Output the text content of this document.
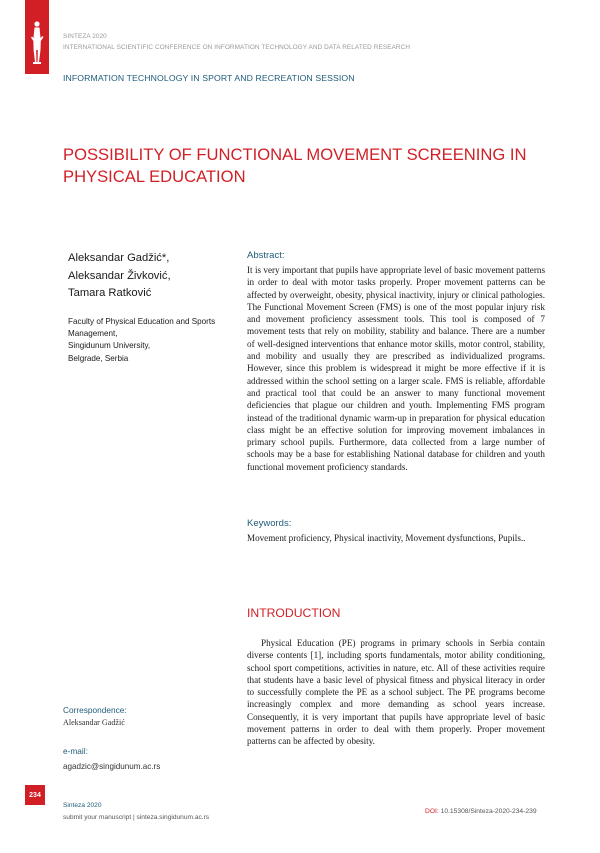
SINTEZA 2020
INTERNATIONAL SCIENTIFIC CONFERENCE ON INFORMATION TECHNOLOGY AND DATA RELATED RESEARCH
INFORMATION TECHNOLOGY IN SPORT AND RECREATION SESSION
POSSIBILITY OF FUNCTIONAL MOVEMENT SCREENING IN PHYSICAL EDUCATION
Aleksandar Gadžić*,
Aleksandar Živković,
Tamara Ratković
Faculty of Physical Education and Sports
Management,
Singidunum University,
Belgrade, Serbia
Abstract:
It is very important that pupils have appropriate level of basic movement patterns in order to deal with motor tasks properly. Proper movement patterns can be affected by overweight, obesity, physical inactivity, injury or clinical pathologies. The Functional Movement Screen (FMS) is one of the most popular injury risk and movement proficiency assessment tools. This tool is composed of 7 movement tests that rely on mobility, stability and balance. There are a number of well-designed interventions that enhance motor skills, motor control, stability, and mobility and usually they are prescribed as individualized programs. However, since this problem is widespread it might be more effective if it is addressed within the school setting on a larger scale. FMS is reliable, affordable and practical tool that could be an answer to many functional movement deficiencies that plague our children and youth. Implementing FMS program instead of the traditional dynamic warm-up in preparation for physical education class might be an effective solution for improving movement imbalances in primary school pupils. Furthermore, data collected from a large number of schools may be a base for establishing National database for children and youth functional movement proficiency standards.
Keywords:
Movement proficiency, Physical inactivity, Movement dysfunctions, Pupils..
INTRODUCTION

Physical Education (PE) programs in primary schools in Serbia contain diverse contents [1], including sports fundamentals, motor ability conditioning, school sport competitions, activities in nature, etc. All of these activities require that students have a basic level of physical fitness and physical literacy in order to successfully complete the PE as a school subject. The PE programs become increasingly complex and more demanding as school years increase. Consequently, it is very important that pupils have appropriate level of basic movement patterns in order to deal with them properly. Proper movement patterns can be affected by obesity.

Correspondence:
Aleksandar Gadžić
e-mail:
agadzic@singidunum.ac.rs
234
Sinteza 2020
submit your manuscript | sinteza.singidunum.ac.rs
DOI: 10.15308/Sinteza-2020-234-239
